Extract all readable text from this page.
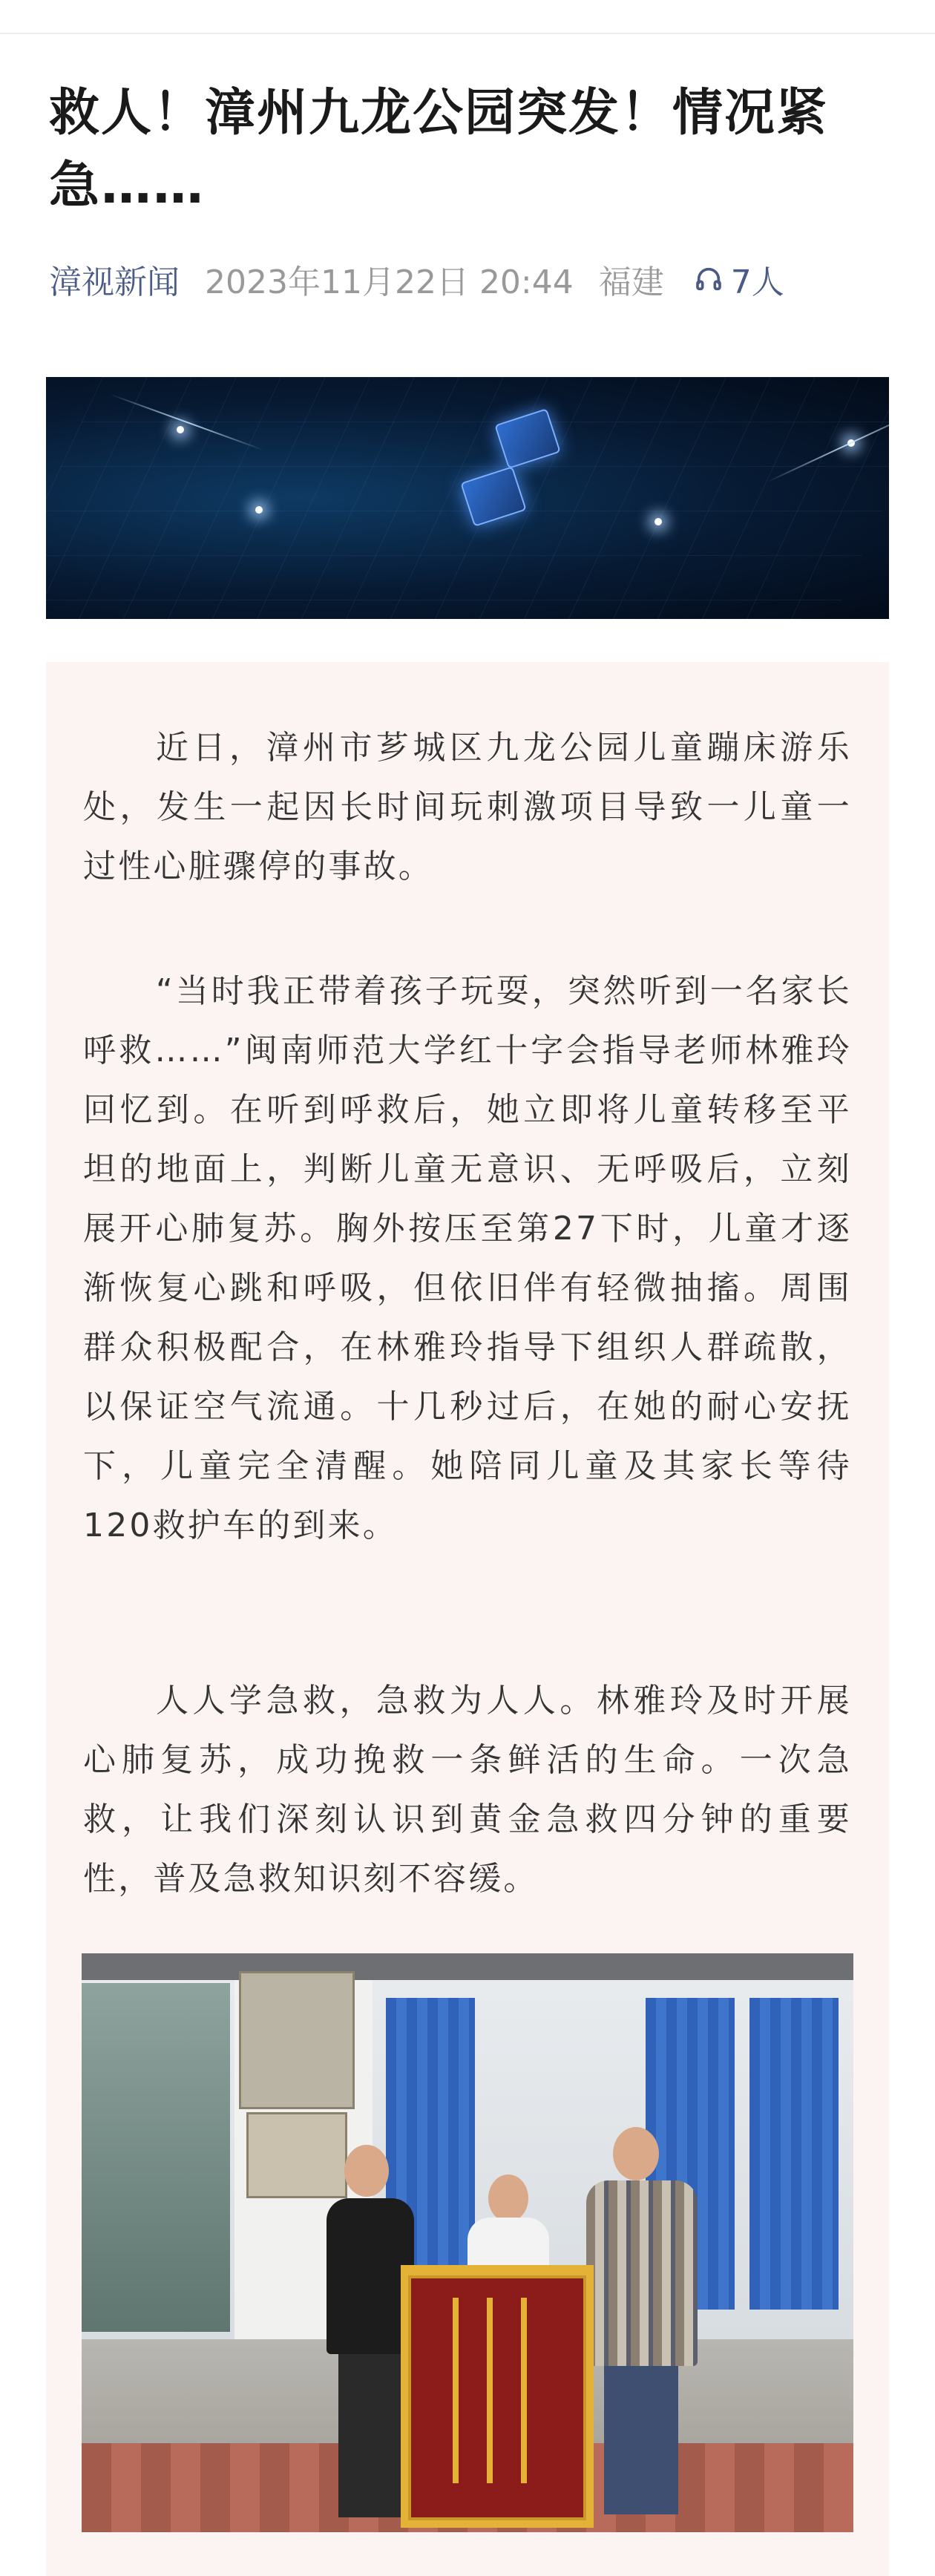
救人！漳州九龙公园突发！情况紧急……
漳视新闻 2023年11月22日 20:44 福建 7人

近日，漳州市芗城区九龙公园儿童蹦床游乐处，发生一起因长时间玩刺激项目导致一儿童一过性心脏骤停的事故。

“当时我正带着孩子玩耍，突然听到一名家长呼救……”闽南师范大学红十字会指导老师林雅玲回忆到。在听到呼救后，她立即将儿童转移至平坦的地面上，判断儿童无意识、无呼吸后，立刻展开心肺复苏。胸外按压至第27下时，儿童才逐渐恢复心跳和呼吸，但依旧伴有轻微抽搐。周围群众积极配合，在林雅玲指导下组织人群疏散，以保证空气流通。十几秒过后，在她的耐心安抚下，儿童完全清醒。她陪同儿童及其家长等待120救护车的到来。

人人学急救，急救为人人。林雅玲及时开展心肺复苏，成功挽救一条鲜活的生命。一次急救，让我们深刻认识到黄金急救四分钟的重要性，普及急救知识刻不容缓。
